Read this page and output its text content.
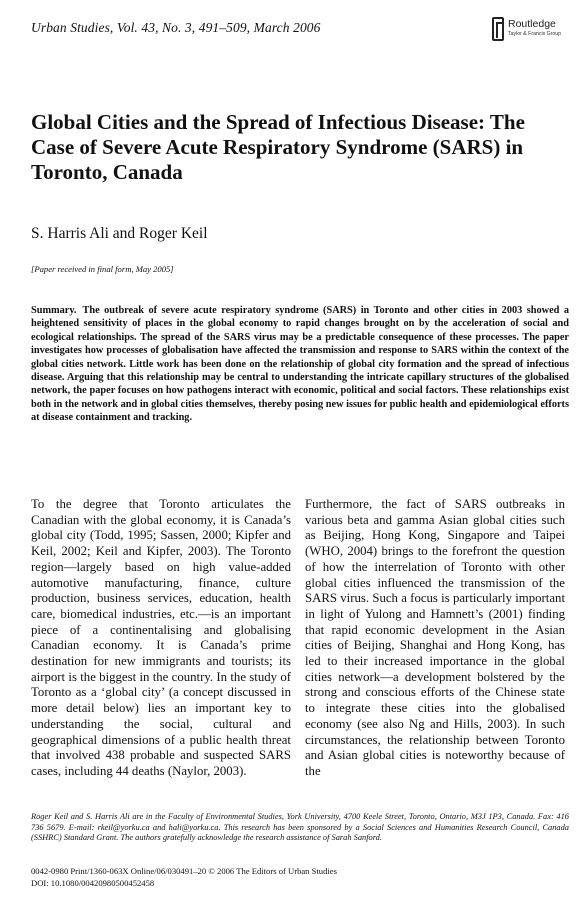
Urban Studies, Vol. 43, No. 3, 491–509, March 2006	Routledge
Taylor & Francis Group
Global Cities and the Spread of Infectious Disease: The Case of Severe Acute Respiratory Syndrome (SARS) in Toronto, Canada
S. Harris Ali and Roger Keil
[Paper received in final form, May 2005]

Summary. The outbreak of severe acute respiratory syndrome (SARS) in Toronto and other cities in 2003 showed a heightened sensitivity of places in the global economy to rapid changes brought on by the acceleration of social and ecological relationships. The spread of the SARS virus may be a predictable consequence of these processes. The paper investigates how processes of globalisation have affected the transmission and response to SARS within the context of the global cities network. Little work has been done on the relationship of global city formation and the spread of infectious disease. Arguing that this relationship may be central to understanding the intricate capillary structures of the globalised network, the paper focuses on how pathogens interact with economic, political and social factors. These relationships exist both in the network and in global cities themselves, thereby posing new issues for public health and epidemiological efforts at disease containment and tracking.

To the degree that Toronto articulates the Canadian with the global economy, it is Canada’s global city (Todd, 1995; Sassen, 2000; Kipfer and Keil, 2002; Keil and Kipfer, 2003). The Toronto region—largely based on high value-added automotive manufacturing, finance, culture production, business services, education, health care, biomedical industries, etc.—is an important piece of a continentalising and globalising Canadian economy. It is Canada’s prime destination for new immigrants and tourists; its airport is the biggest in the country. In the study of Toronto as a ‘global city’ (a concept discussed in more detail below) lies an important key to understanding the social, cultural and geographical dimensions of a public health threat that involved 438 probable and suspected SARS cases, including 44 deaths (Naylor, 2003).

Furthermore, the fact of SARS outbreaks in various beta and gamma Asian global cities such as Beijing, Hong Kong, Singapore and Taipei (WHO, 2004) brings to the forefront the question of how the interrelation of Toronto with other global cities influenced the transmission of the SARS virus. Such a focus is particularly important in light of Yulong and Hamnett’s (2001) finding that rapid economic development in the Asian cities of Beijing, Shanghai and Hong Kong, has led to their increased importance in the global cities network—a development bolstered by the strong and conscious efforts of the Chinese state to integrate these cities into the globalised economy (see also Ng and Hills, 2003). In such circumstances, the relationship between Toronto and Asian global cities is noteworthy because of the

Roger Keil and S. Harris Ali are in the Faculty of Environmental Studies, York University, 4700 Keele Street, Toronto, Ontario, M3J 1P3, Canada. Fax: 416 736 5679. E-mail: rkeil@yorku.ca and hali@yorku.ca. This research has been sponsored by a Social Sciences and Humanities Research Council, Canada (SSHRC) Standard Grant. The authors gratefully acknowledge the research assistance of Sarah Sanford.

0042-0980 Print/1360-063X Online/06/030491–20 © 2006 The Editors of Urban Studies
DOI: 10.1080/00420980500452458
